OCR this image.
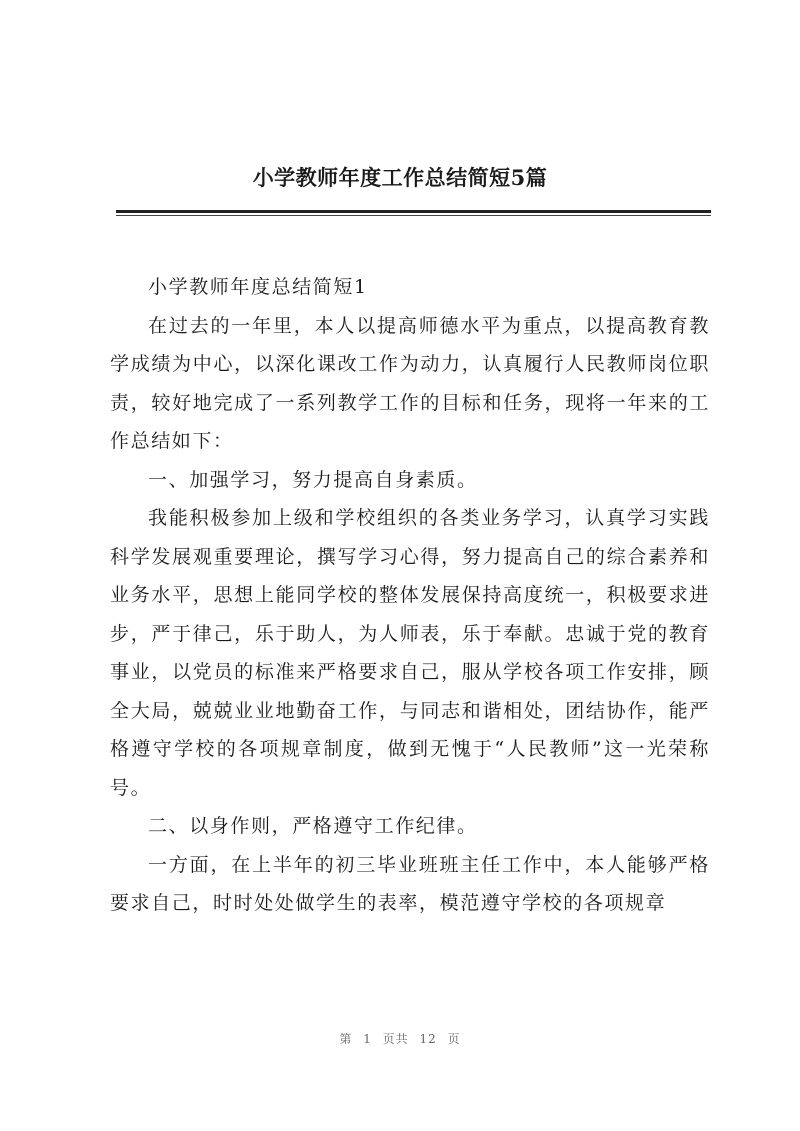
小学教师年度工作总结简短5篇

小学教师年度总结简短1

在过去的一年里，本人以提高师德水平为重点，以提高教育教学成绩为中心，以深化课改工作为动力，认真履行人民教师岗位职责，较好地完成了一系列教学工作的目标和任务，现将一年来的工作总结如下：

一、加强学习，努力提高自身素质。

我能积极参加上级和学校组织的各类业务学习，认真学习实践科学发展观重要理论，撰写学习心得，努力提高自己的综合素养和业务水平，思想上能同学校的整体发展保持高度统一，积极要求进步，严于律己，乐于助人，为人师表，乐于奉献。忠诚于党的教育事业，以党员的标准来严格要求自己，服从学校各项工作安排，顾全大局，兢兢业业地勤奋工作，与同志和谐相处，团结协作，能严格遵守学校的各项规章制度，做到无愧于“人民教师”这一光荣称号。

二、以身作则，严格遵守工作纪律。

一方面，在上半年的初三毕业班班主任工作中，本人能够严格要求自己，时时处处做学生的表率，模范遵守学校的各项规章

第 1 页共 12 页
